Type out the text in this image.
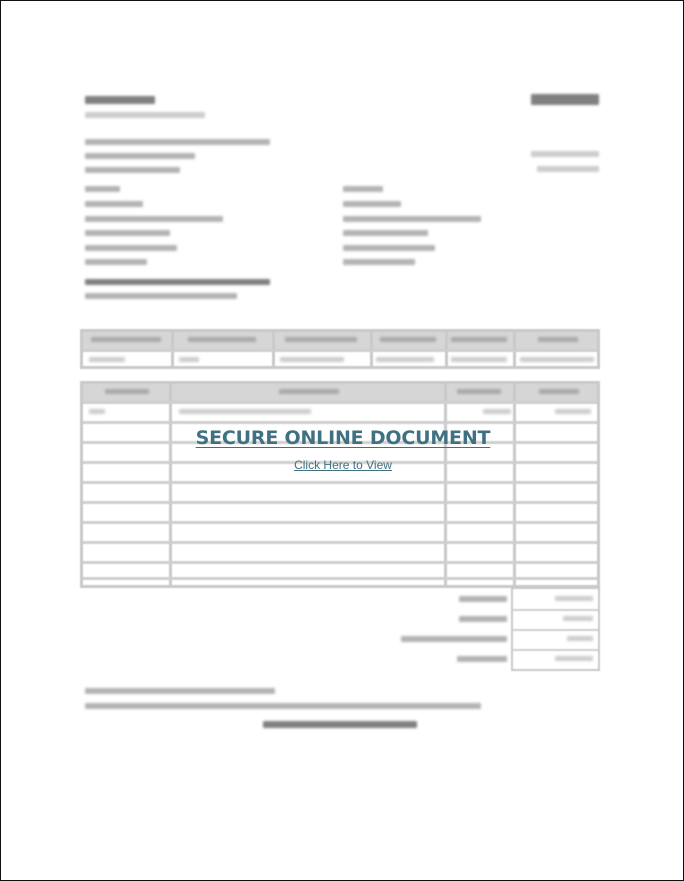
SECURE ONLINE DOCUMENT
Click Here to View
